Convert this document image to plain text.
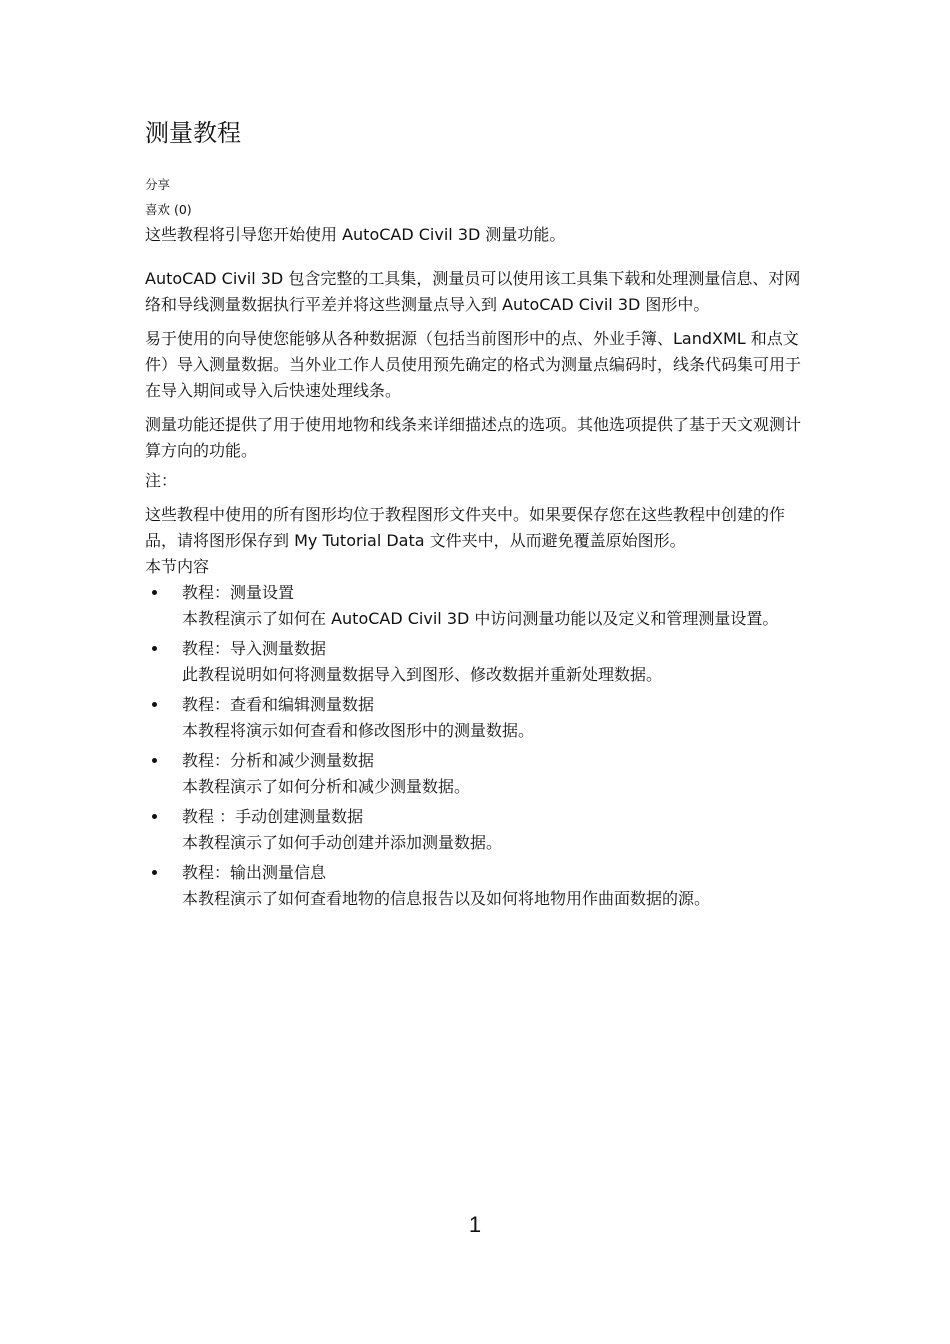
测量教程
分享
喜欢 (0)

这些教程将引导您开始使用 AutoCAD Civil 3D 测量功能。

AutoCAD Civil 3D 包含完整的工具集，测量员可以使用该工具集下载和处理测量信息、对网络和导线测量数据执行平差并将这些测量点导入到 AutoCAD Civil 3D 图形中。

易于使用的向导使您能够从各种数据源（包括当前图形中的点、外业手簿、LandXML 和点文件）导入测量数据。当外业工作人员使用预先确定的格式为测量点编码时，线条代码集可用于在导入期间或导入后快速处理线条。

测量功能还提供了用于使用地物和线条来详细描述点的选项。其他选项提供了基于天文观测计算方向的功能。

注：

这些教程中使用的所有图形均位于教程图形文件夹中。如果要保存您在这些教程中创建的作品，请将图形保存到 My Tutorial Data 文件夹中，从而避免覆盖原始图形。

本节内容

教程：测量设置
本教程演示了如何在 AutoCAD Civil 3D 中访问测量功能以及定义和管理测量设置。
教程：导入测量数据
此教程说明如何将测量数据导入到图形、修改数据并重新处理数据。
教程：查看和编辑测量数据
本教程将演示如何查看和修改图形中的测量数据。
教程：分析和减少测量数据
本教程演示了如何分析和减少测量数据。
教程 ：手动创建测量数据
本教程演示了如何手动创建并添加测量数据。
教程：输出测量信息
本教程演示了如何查看地物的信息报告以及如何将地物用作曲面数据的源。
1
